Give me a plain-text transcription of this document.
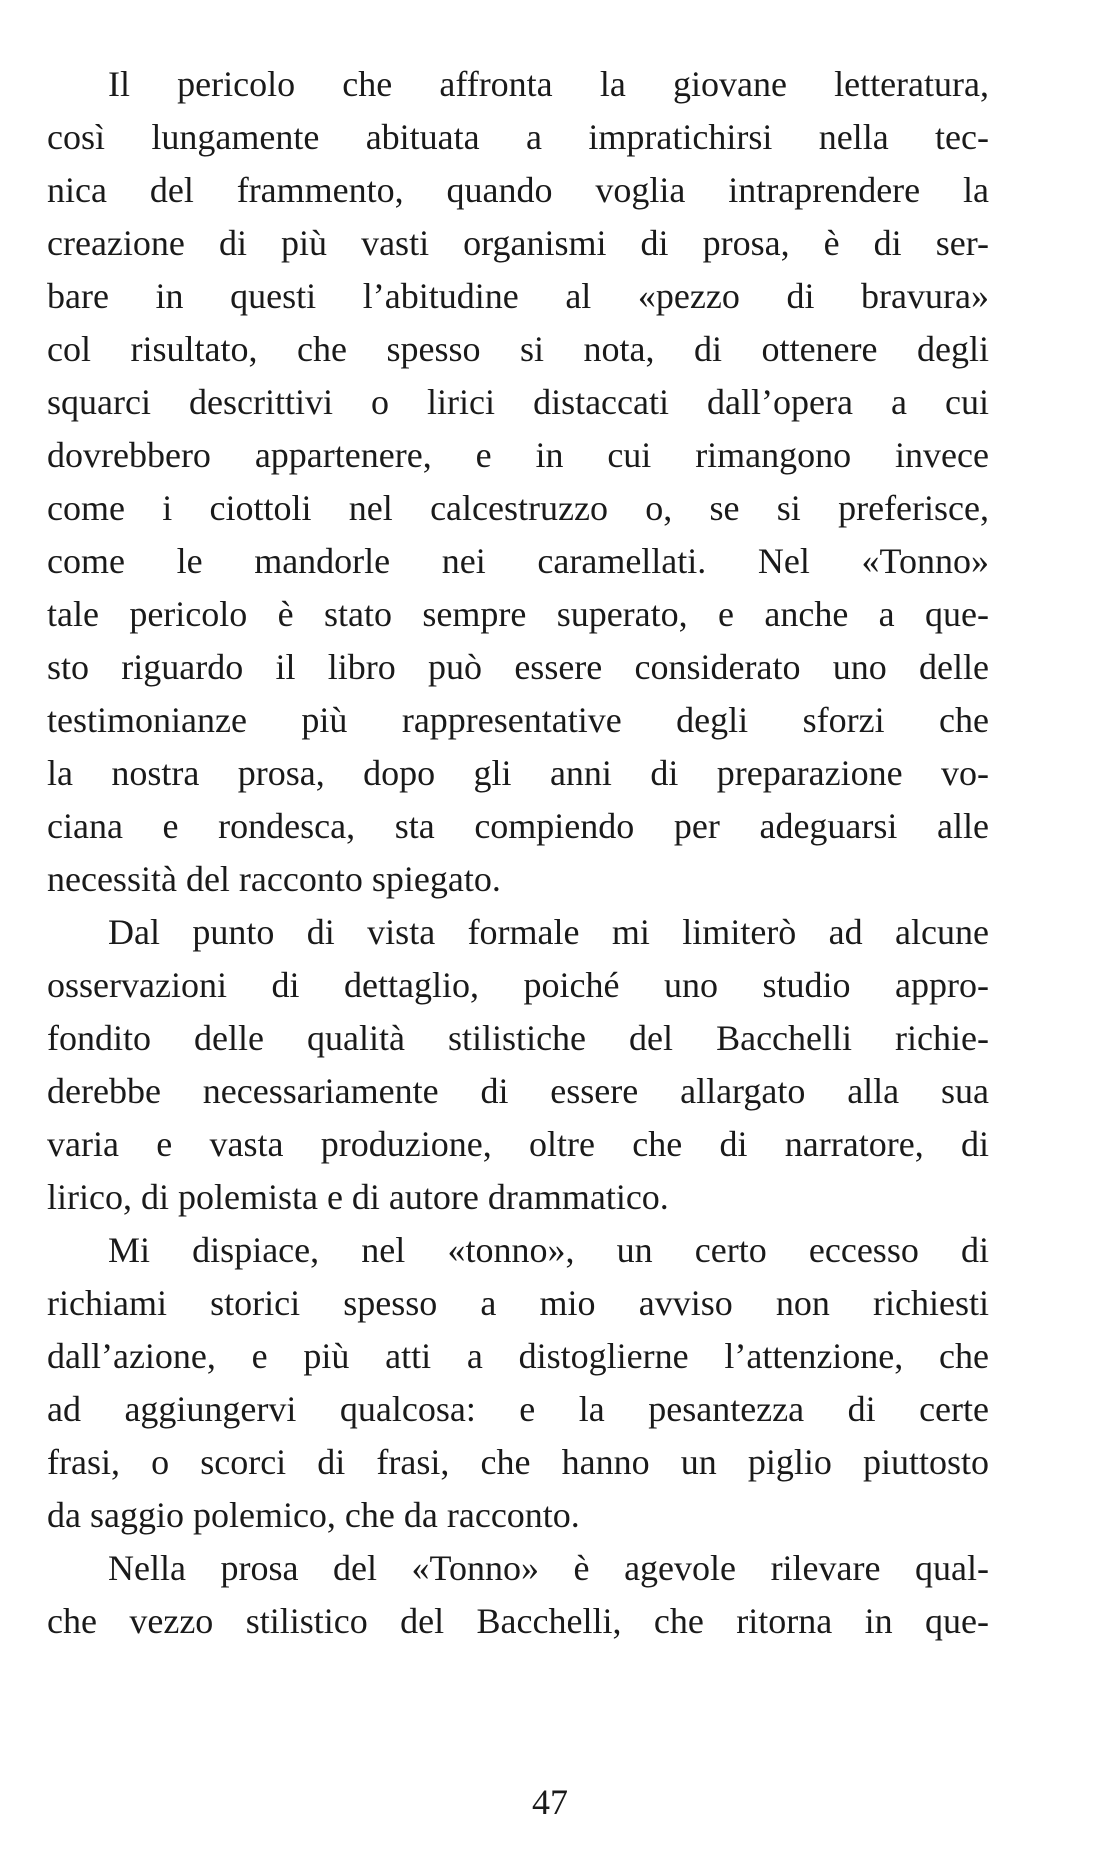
Il pericolo che affronta la giovane letteratura,
così lungamente abituata a impratichirsi nella tec-
nica del frammento, quando voglia intraprendere la
creazione di più vasti organismi di prosa, è di ser-
bare in questi l’abitudine al «pezzo di bravura»
col risultato, che spesso si nota, di ottenere degli
squarci descrittivi o lirici distaccati dall’opera a cui
dovrebbero appartenere, e in cui rimangono invece
come i ciottoli nel calcestruzzo o, se si preferisce,
come le mandorle nei caramellati. Nel «Tonno»
tale pericolo è stato sempre superato, e anche a que-
sto riguardo il libro può essere considerato uno delle
testimonianze più rappresentative degli sforzi che
la nostra prosa, dopo gli anni di preparazione vo-
ciana e rondesca, sta compiendo per adeguarsi alle
necessità del racconto spiegato.
Dal punto di vista formale mi limiterò ad alcune
osservazioni di dettaglio, poiché uno studio appro-
fondito delle qualità stilistiche del Bacchelli richie-
derebbe necessariamente di essere allargato alla sua
varia e vasta produzione, oltre che di narratore, di
lirico, di polemista e di autore drammatico.
Mi dispiace, nel «tonno», un certo eccesso di
richiami storici spesso a mio avviso non richiesti
dall’azione, e più atti a distoglierne l’attenzione, che
ad aggiungervi qualcosa: e la pesantezza di certe
frasi, o scorci di frasi, che hanno un piglio piuttosto
da saggio polemico, che da racconto.
Nella prosa del «Tonno» è agevole rilevare qual-
che vezzo stilistico del Bacchelli, che ritorna in que-
47
